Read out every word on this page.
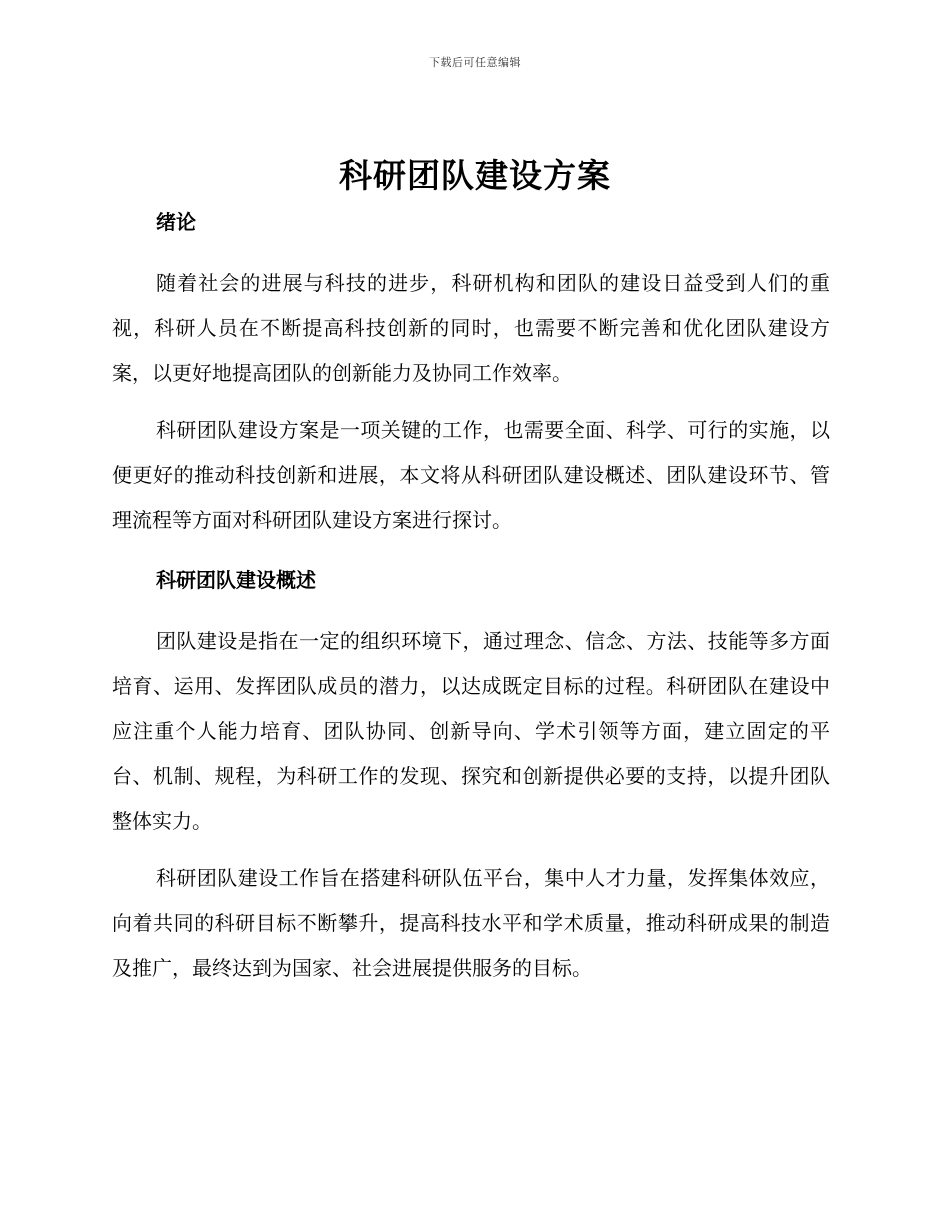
下载后可任意编辑
科研团队建设方案
绪论

随着社会的进展与科技的进步，科研机构和团队的建设日益受到人们的重视，科研人员在不断提高科技创新的同时，也需要不断完善和优化团队建设方案，以更好地提高团队的创新能力及协同工作效率。

科研团队建设方案是一项关键的工作，也需要全面、科学、可行的实施，以便更好的推动科技创新和进展，本文将从科研团队建设概述、团队建设环节、管理流程等方面对科研团队建设方案进行探讨。

科研团队建设概述

团队建设是指在一定的组织环境下，通过理念、信念、方法、技能等多方面培育、运用、发挥团队成员的潜力，以达成既定目标的过程。科研团队在建设中应注重个人能力培育、团队协同、创新导向、学术引领等方面，建立固定的平台、机制、规程，为科研工作的发现、探究和创新提供必要的支持，以提升团队整体实力。

科研团队建设工作旨在搭建科研队伍平台，集中人才力量，发挥集体效应，向着共同的科研目标不断攀升，提高科技水平和学术质量，推动科研成果的制造及推广，最终达到为国家、社会进展提供服务的目标。
